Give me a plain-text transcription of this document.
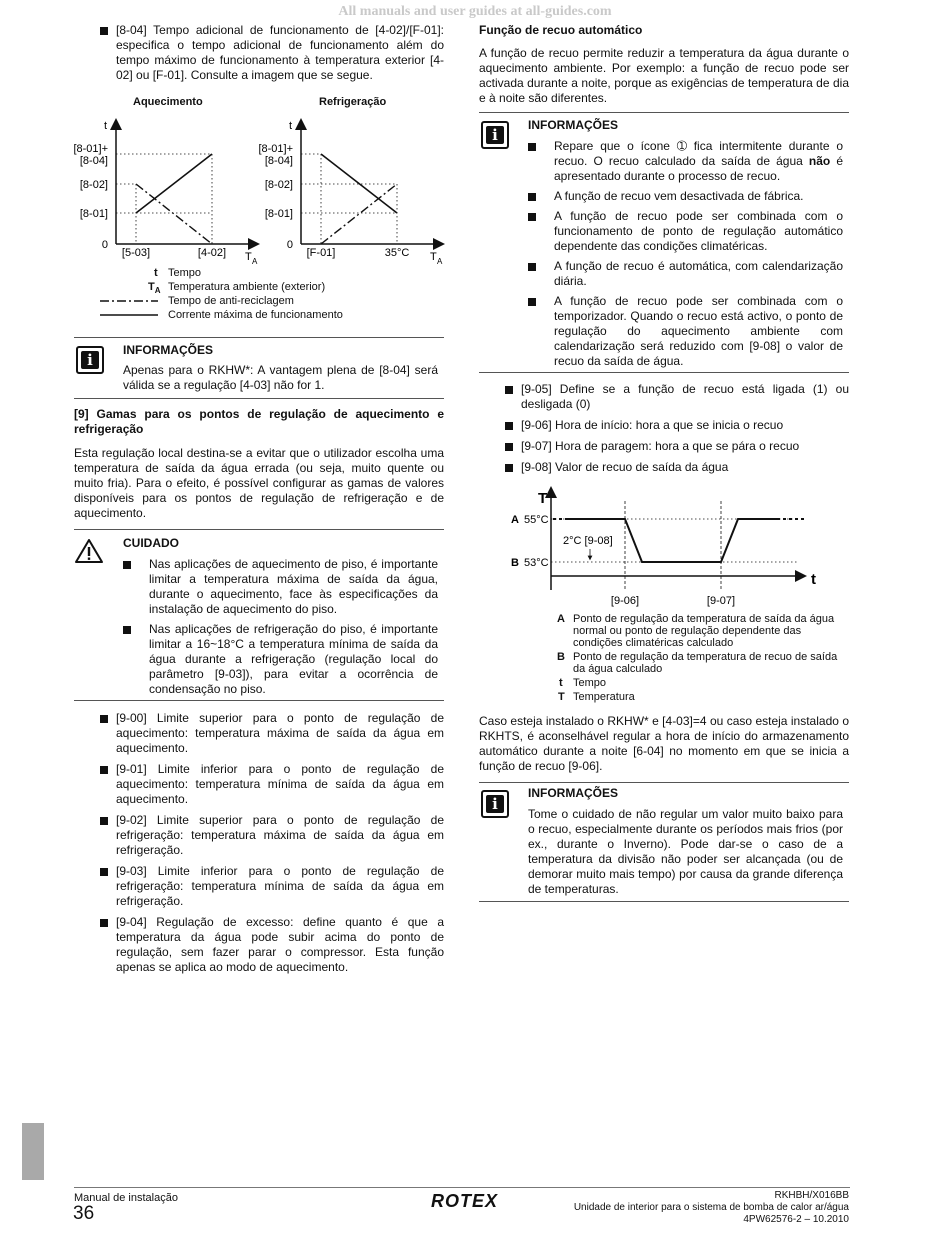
All manuals and user guides at all-guides.com
[8-04] Tempo adicional de funcionamento de [4-02]/[F-01]: especifica o tempo adicional de funcionamento além do tempo máximo de funcionamento à temperatura exterior [4-02] ou [F-01]. Consulte a imagem que se segue.
Aquecimento	Refrigeração
t
[8-01]+
[8-04]
[8-02]
[8-01]
0
[5-03]	[4-02] T A
t
[8-01]+
[8-04]
[8-02]
[8-01]
0
[F-01]	35°C T A
t Tempo
$T_A$ Temperatura ambiente (exterior)
Tempo de anti-reciclagem
Corrente máxima de funcionamento
i
INFORMAÇÕES
Apenas para o RKHW*: A vantagem plena de [8-04] será válida se a regulação [4-03] não for 1.
[9] Gamas para os pontos de regulação de aquecimento e refrigeração
Esta regulação local destina-se a evitar que o utilizador escolha uma temperatura de saída da água errada (ou seja, muito quente ou muito fria). Para o efeito, é possível configurar as gamas de valores disponíveis para os pontos de regulação de refrigeração e de aquecimento.
CUIDADO
Nas aplicações de aquecimento de piso, é importante limitar a temperatura máxima de saída da água, durante o aquecimento, face às especificações da instalação de aquecimento do piso.
Nas aplicações de refrigeração do piso, é importante limitar a 16~18°C a temperatura mínima de saída da água durante a refrigeração (regulação local do parâmetro [9-03]), para evitar a ocorrência de condensação no piso.
[9-00] Limite superior para o ponto de regulação de aquecimento: temperatura máxima de saída da água em aquecimento.
[9-01] Limite inferior para o ponto de regulação de aquecimento: temperatura mínima de saída da água em aquecimento.
[9-02] Limite superior para o ponto de regulação de refrigeração: temperatura máxima de saída da água em refrigeração.
[9-03] Limite inferior para o ponto de regulação de refrigeração: temperatura mínima de saída da água em refrigeração.
[9-04] Regulação de excesso: define quanto é que a temperatura da água pode subir acima do ponto de regulação, sem fazer parar o compressor. Esta função apenas se aplica ao modo de aquecimento.
Função de recuo automático
A função de recuo permite reduzir a temperatura da água durante o aquecimento ambiente. Por exemplo: a função de recuo pode ser activada durante a noite, porque as exigências de temperatura de dia e à noite são diferentes.
i
INFORMAÇÕES
Repare que o ícone ➀ fica intermitente durante o recuo. O recuo calculado da saída de água não é apresentado durante o processo de recuo.
A função de recuo vem desactivada de fábrica.
A função de recuo pode ser combinada com o funcionamento de ponto de regulação automático dependente das condições climatéricas.
A função de recuo é automática, com calendarização diária.
A função de recuo pode ser combinada com o temporizador. Quando o recuo está activo, o ponto de regulação do aquecimento ambiente com calendarização será reduzido com [9-08] o valor de recuo da saída de água.
[9-05] Define se a função de recuo está ligada (1) ou desligada (0)
[9-06] Hora de início: hora a que se inicia o recuo
[9-07] Hora de paragem: hora a que se pára o recuo
[9-08] Valor de recuo de saída da água
T
t
A 55°C
B 53°C
2°C [9-08]
[9-06]	[9-07]
A Ponto de regulação da temperatura de saída da água normal ou ponto de regulação dependente das condições climatéricas calculado
B Ponto de regulação da temperatura de recuo de saída da água calculado
t Tempo
T Temperatura
Caso esteja instalado o RKHW* e [4-03]=4 ou caso esteja instalado o RKHTS, é aconselhável regular a hora de início do armazenamento automático durante a noite [6-04] no momento em que se inicia a função de recuo [9-06].
i
INFORMAÇÕES
Tome o cuidado de não regular um valor muito baixo para o recuo, especialmente durante os períodos mais frios (por ex., durante o Inverno). Pode dar-se o caso de a temperatura da divisão não poder ser alcançada (ou de demorar muito mais tempo) por causa da grande diferença de temperaturas.
Manual de instalação
36
ROTEX	RKHBH/X016BB
Unidade de interior para o sistema de bomba de calor ar/água
4PW62576-2 – 10.2010
